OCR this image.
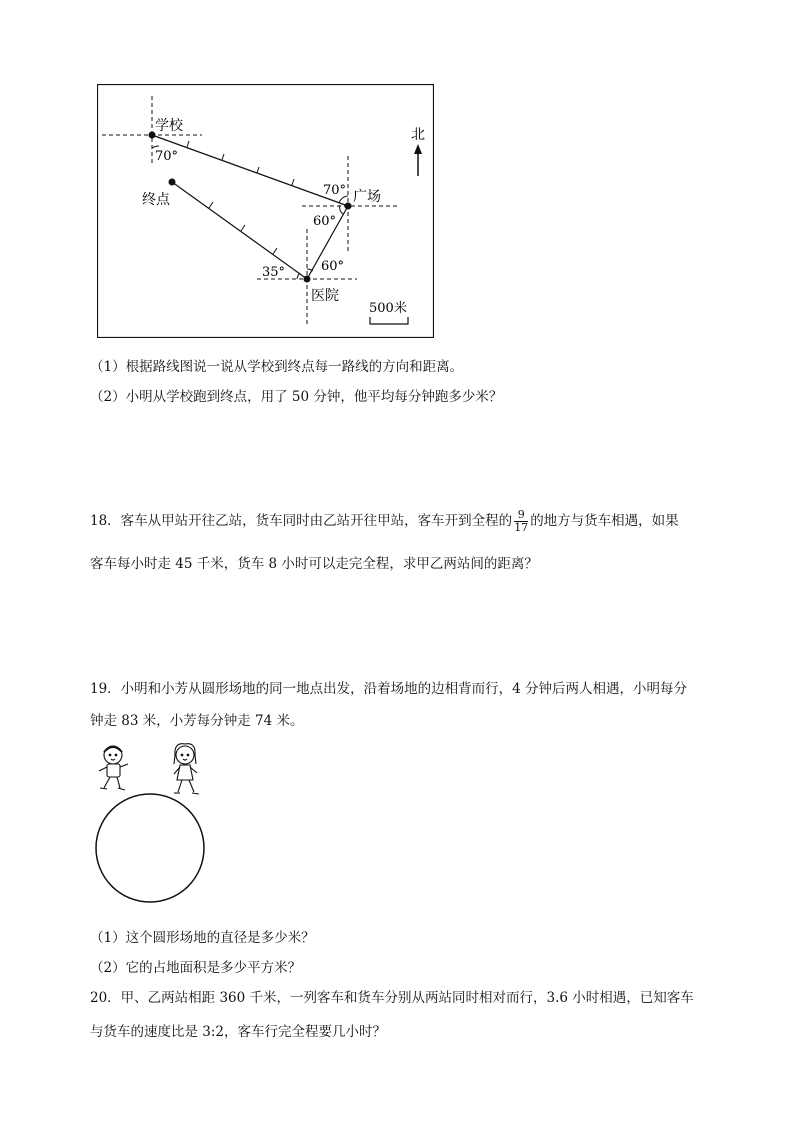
学校
终点	广场
医院
70°
70°
60°
60°
35°
北
500米
（1）根据路线图说一说从学校到终点每一路线的方向和距离。
（2）小明从学校跑到终点，用了 50 分钟，他平均每分钟跑多少米？
18．客车从甲站开往乙站，货车同时由乙站开往甲站，客车开到全程的 $\frac{9}{17}$ 的地方与货车相遇，如果
客车每小时走 45 千米，货车 8 小时可以走完全程，求甲乙两站间的距离？
19．小明和小芳从圆形场地的同一地点出发，沿着场地的边相背而行，4 分钟后两人相遇，小明每分
钟走 83 米，小芳每分钟走 74 米。
（1）这个圆形场地的直径是多少米？
（2）它的占地面积是多少平方米？
20．甲、乙两站相距 360 千米，一列客车和货车分别从两站同时相对而行，3.6 小时相遇，已知客车
与货车的速度比是 3:2，客车行完全程要几小时？
